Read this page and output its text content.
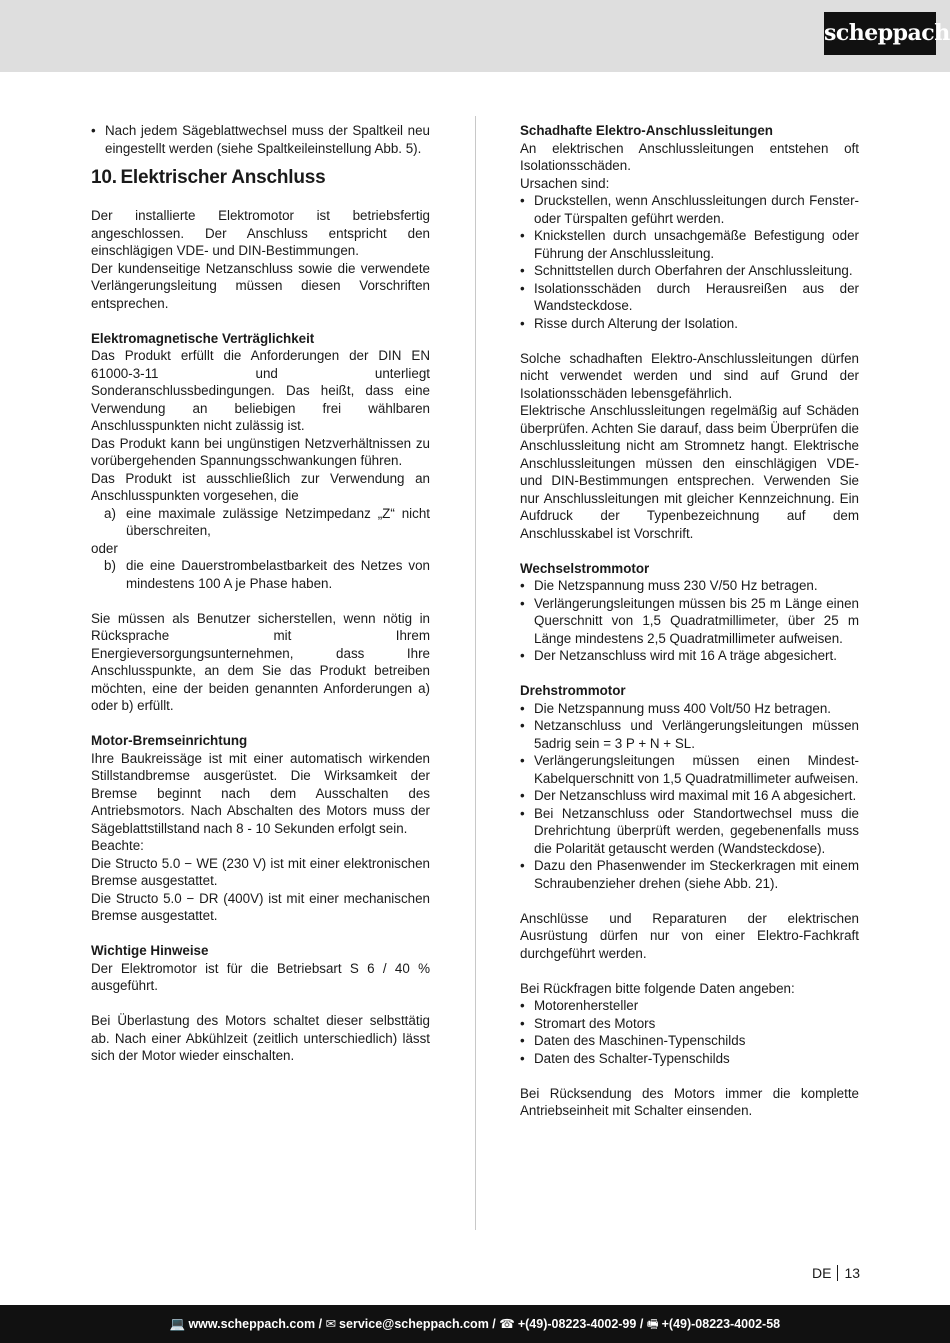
scheppach
• Nach jedem Sägeblattwechsel muss der Spaltkeil neu eingestellt werden (siehe Spaltkeileinstellung Abb. 5).
10.  Elektrischer Anschluss

Der installierte Elektromotor ist betriebsfertig angeschlossen. Der Anschluss entspricht den einschlägigen VDE- und DIN-Bestimmungen.

Der kundenseitige Netzanschluss sowie die verwendete Verlängerungsleitung müssen diesen Vorschriften entsprechen.

Elektromagnetische Verträglichkeit

Das Produkt erfüllt die Anforderungen der DIN EN 61000-3-11 und unterliegt Sonderanschlussbedingungen. Das heißt, dass eine Verwendung an beliebigen frei wählbaren Anschlusspunkten nicht zulässig ist.

Das Produkt kann bei ungünstigen Netzverhältnissen zu vorübergehenden Spannungsschwankungen führen.

Das Produkt ist ausschließlich zur Verwendung an Anschlusspunkten vorgesehen, die

a) eine maximale zulässige Netzimpedanz „Z“ nicht überschreiten,

oder

b) die eine Dauerstrombelastbarkeit des Netzes von mindestens 100 A je Phase haben.

Sie müssen als Benutzer sicherstellen, wenn nötig in Rücksprache mit Ihrem Energieversorgungsunternehmen, dass Ihre Anschlusspunkte, an dem Sie das Produkt betreiben möchten, eine der beiden genannten Anforderungen a) oder b) erfüllt.

Motor-Bremseinrichtung

Ihre Baukreissäge ist mit einer automatisch wirkenden Stillstandbremse ausgerüstet. Die Wirksamkeit der Bremse beginnt nach dem Ausschalten des Antriebsmotors. Nach Abschalten des Motors muss der Sägeblattstillstand nach 8 - 10 Sekunden erfolgt sein.

Beachte:

Die Structo 5.0 − WE (230 V) ist mit einer elektronischen Bremse ausgestattet.

Die Structo 5.0 − DR (400V) ist mit einer mechanischen Bremse ausgestattet.

Wichtige Hinweise

Der Elektromotor ist für die Betriebsart S 6 / 40 % ausgeführt.

Bei Überlastung des Motors schaltet dieser selbsttätig ab. Nach einer Abkühlzeit (zeitlich unterschiedlich) lässt sich der Motor wieder einschalten.

Schadhafte Elektro-Anschlussleitungen

An elektrischen Anschlussleitungen entstehen oft Isolationsschäden.

Ursachen sind:

• Druckstellen, wenn Anschlussleitungen durch Fenster-oder Türspalten geführt werden.
• Knickstellen durch unsachgemäße Befestigung oder Führung der Anschlussleitung.
• Schnittstellen durch Oberfahren der Anschlussleitung.
• Isolationsschäden durch Herausreißen aus der Wandsteckdose.
• Risse durch Alterung der Isolation.

Solche schadhaften Elektro-Anschlussleitungen dürfen nicht verwendet werden und sind auf Grund der Isolationsschäden lebensgefährlich.

Elektrische Anschlussleitungen regelmäßig auf Schäden überprüfen. Achten Sie darauf, dass beim Überprüfen die Anschlussleitung nicht am Stromnetz hangt. Elektrische Anschlussleitungen müssen den einschlägigen VDE- und DIN-Bestimmungen entsprechen. Verwenden Sie nur Anschlussleitungen mit gleicher Kennzeichnung. Ein Aufdruck der Typenbezeichnung auf dem Anschlusskabel ist Vorschrift.

Wechselstrommotor
• Die Netzspannung muss 230 V/50 Hz betragen.
• Verlängerungsleitungen müssen bis 25 m Länge einen Querschnitt von 1,5 Quadratmillimeter, über 25 m Länge mindestens 2,5 Quadratmillimeter aufweisen.
• Der Netzanschluss wird mit 16 A träge abgesichert.
Drehstrommotor
• Die Netzspannung muss 400 Volt/50 Hz betragen.
• Netzanschluss und Verlängerungsleitungen müssen 5adrig sein = 3 P + N + SL.
• Verlängerungsleitungen müssen einen Mindest-Kabelquerschnitt von 1,5 Quadratmillimeter aufweisen.
• Der Netzanschluss wird maximal mit 16 A abgesichert.
• Bei Netzanschluss oder Standortwechsel muss die Drehrichtung überprüft werden, gegebenenfalls muss die Polarität getauscht werden (Wandsteckdose).
• Dazu den Phasenwender im Steckerkragen mit einem Schraubenzieher drehen (siehe Abb. 21).

Anschlüsse und Reparaturen der elektrischen Ausrüstung dürfen nur von einer Elektro-Fachkraft durchgeführt werden.

Bei Rückfragen bitte folgende Daten angeben:

• Motorenhersteller
• Stromart des Motors
• Daten des Maschinen-Typenschilds
• Daten des Schalter-Typenschilds

Bei Rücksendung des Motors immer die komplette Antriebseinheit mit Schalter einsenden.

DE 13
💻 www.scheppach.com / ✉ service@scheppach.com / ☎ +(49)-08223-4002-99 / 🖷 +(49)-08223-4002-58
